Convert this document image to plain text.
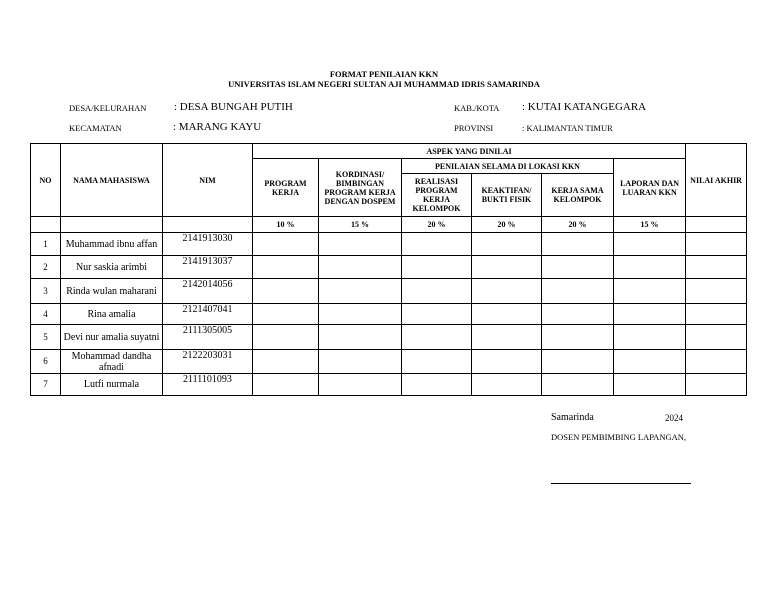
FORMAT PENILAIAN KKN
UNIVERSITAS ISLAM NEGERI SULTAN AJI MUHAMMAD IDRIS SAMARINDA
DESA/KELURAHAN	: DESA BUNGAH PUTIH	KAB./KOTA : KUTAI KATANGEGARA
KECAMATAN	: MARANG KAYU	PROVINSI	: KALIMANTAN TIMUR
NO	NAMA MAHASISWA	NIM	ASPEK YANG DINILAI						NILAI AKHIR
			PROGRAM KERJA	KORDINASI/ BIMBINGAN PROGRAM KERJA DENGAN DOSPEM	PENILAIAN SELAMA DI LOKASI KKN			LAPORAN DAN LUARAN KKN	
					REALISASI PROGRAM KERJA KELOMPOK	KEAKTIFAN/ BUKTI FISIK	KERJA SAMA KELOMPOK		
			10 %	15 %	20 %	20 %	20 %	15 %	
1	Muhammad ibnu affan	2141913030							
2	Nur saskia arimbi	2141913037							
3	Rinda wulan maharani	2142014056							
4	Rina amalia	2121407041							
5	Devi nur amalia suyatni	2111305005							
6	Mohammad dandha afnadi	2122203031							
7	Lutfi nurmala	2111101093							
Samarinda	2024
DOSEN PEMBIMBING LAPANGAN,
